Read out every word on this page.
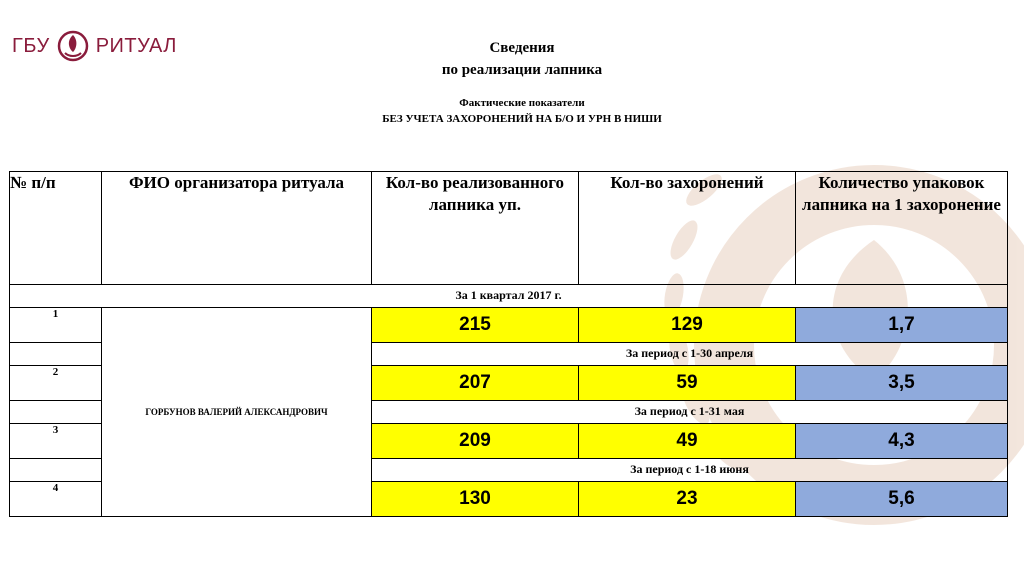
ГБУ РИТУАЛ	Сведения
по реализации лапника
Фактические показатели
БЕЗ УЧЕТА ЗАХОРОНЕНИЙ НА Б/О И УРН В НИШИ
№ п/п	ФИО организатора ритуала	Кол-во реализованного лапника уп.	Кол-во захоронений	Количество упаковок лапника на 1 захоронение
За 1 квартал 2017 г.				
1	ГОРБУНОВ ВАЛЕРИЙ АЛЕКСАНДРОВИЧ	215	129	1,7
		За период с 1-30 апреля		
2		207	59	3,5
		За период с 1-31 мая		
3		209	49	4,3
		За период с 1-18 июня		
4		130	23	5,6
